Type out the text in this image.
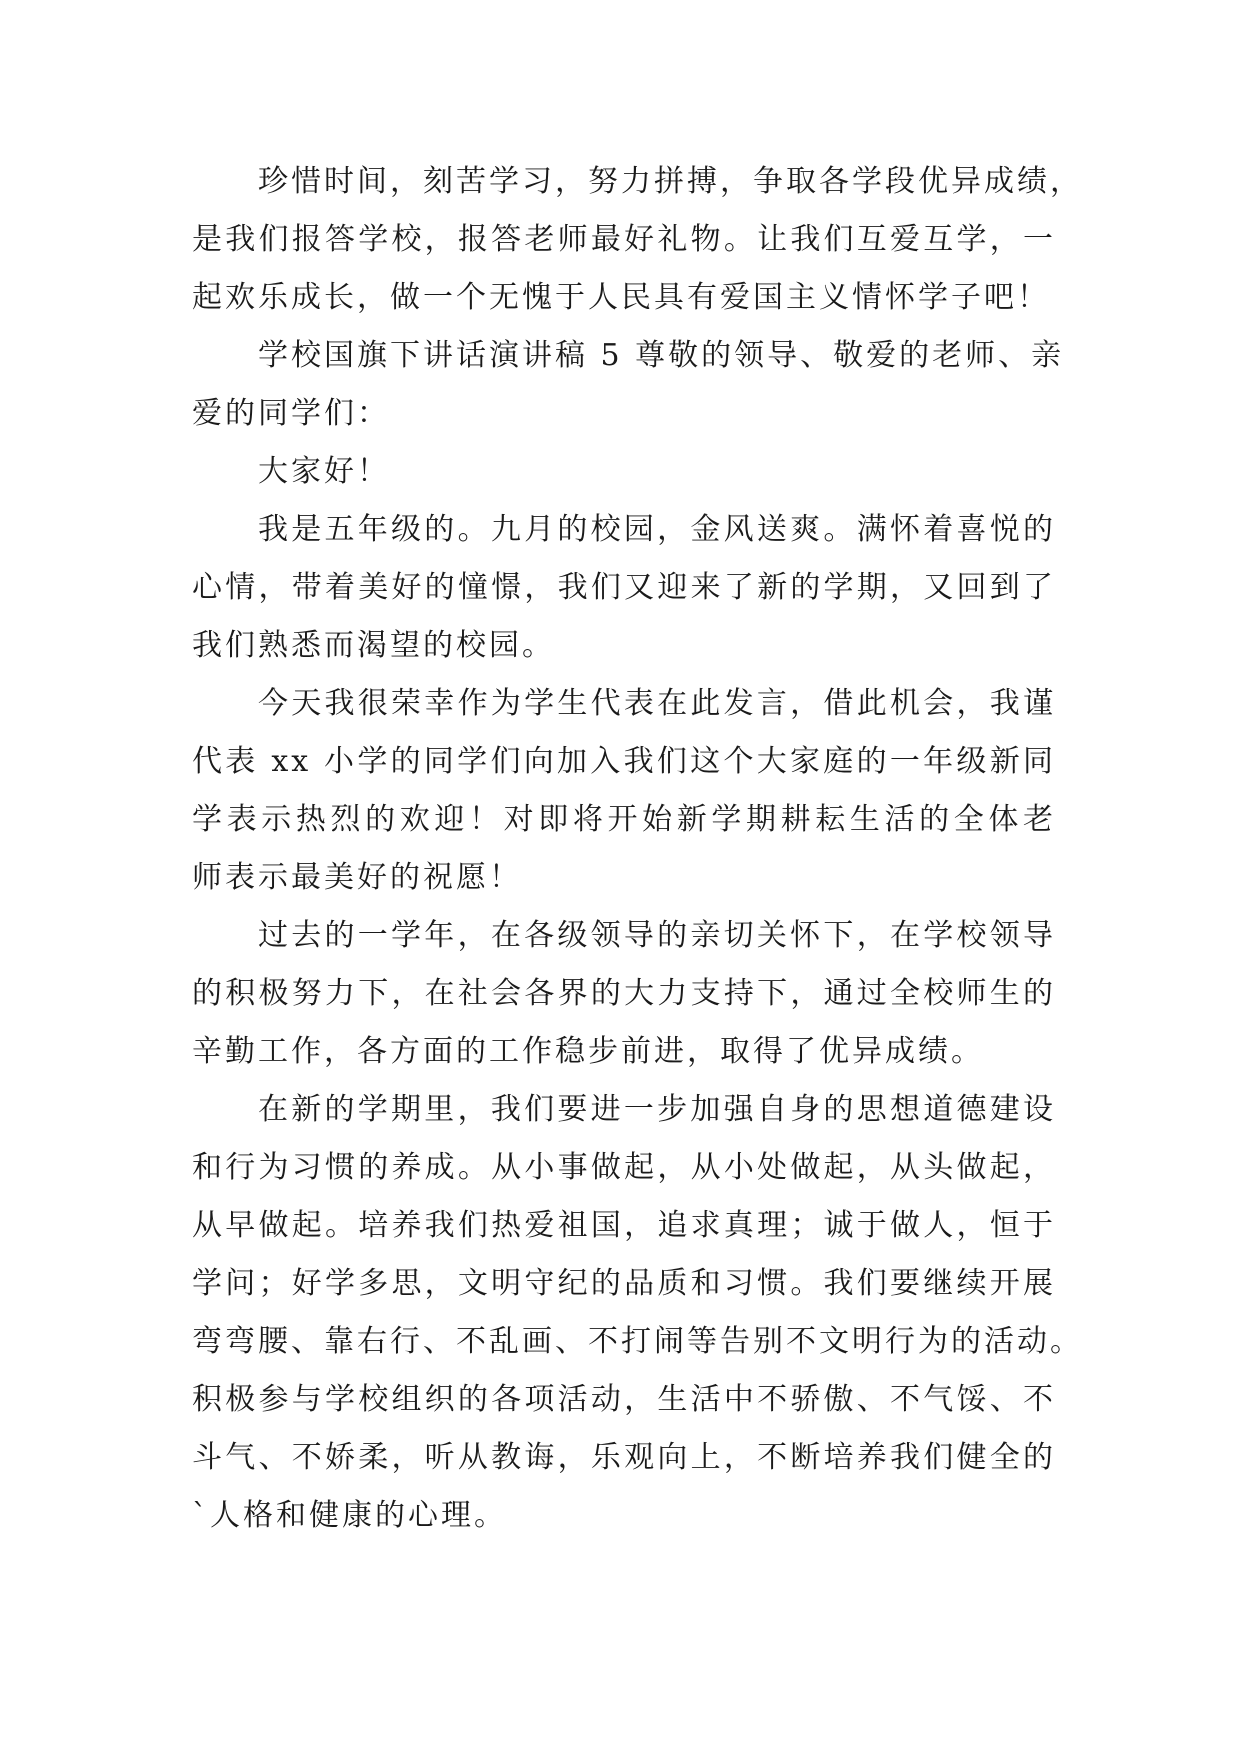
珍惜时间，刻苦学习，努力拼搏，争取各学段优异成绩，
是我们报答学校，报答老师最好礼物。让我们互爱互学，一
起欢乐成长，做一个无愧于人民具有爱国主义情怀学子吧！
学校国旗下讲话演讲稿 5 尊敬的领导、敬爱的老师、亲
爱的同学们：
大家好！
我是五年级的。九月的校园，金风送爽。满怀着喜悦的
心情，带着美好的憧憬，我们又迎来了新的学期，又回到了
我们熟悉而渴望的校园。
今天我很荣幸作为学生代表在此发言，借此机会，我谨
代表 xx 小学的同学们向加入我们这个大家庭的一年级新同
学表示热烈的欢迎！对即将开始新学期耕耘生活的全体老
师表示最美好的祝愿！
过去的一学年，在各级领导的亲切关怀下，在学校领导
的积极努力下，在社会各界的大力支持下，通过全校师生的
辛勤工作，各方面的工作稳步前进，取得了优异成绩。
在新的学期里，我们要进一步加强自身的思想道德建设
和行为习惯的养成。从小事做起，从小处做起，从头做起，
从早做起。培养我们热爱祖国，追求真理；诚于做人，恒于
学问；好学多思，文明守纪的品质和习惯。我们要继续开展
弯弯腰、靠右行、不乱画、不打闹等告别不文明行为的活动。
积极参与学校组织的各项活动，生活中不骄傲、不气馁、不
斗气、不娇柔，听从教诲，乐观向上，不断培养我们健全的
`人格和健康的心理。
